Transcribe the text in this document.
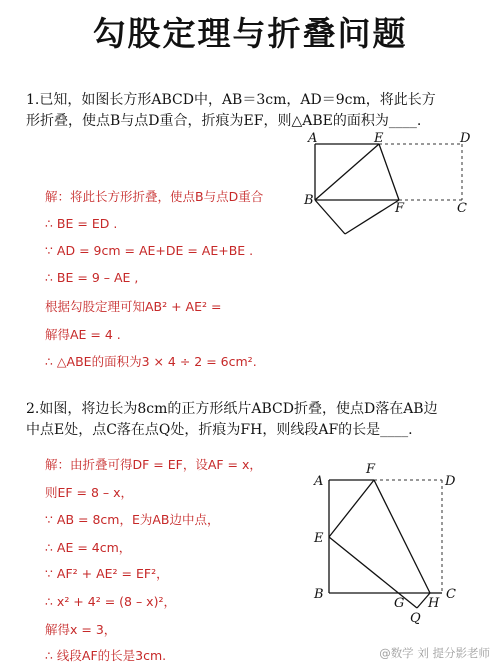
勾股定理与折叠问题
1.已知，如图长方形ABCD中，AB＝3cm，AD＝9cm，将此长方
形折叠，使点B与点D重合，折痕为EF，则△ABE的面积为____.
A	E	D
B
F	C
解：将此长方形折叠，使点B与点D重合
∴ BE = ED .
∵ AD = 9cm = AE+DE = AE+BE .
∴ BE = 9 – AE ,
根据勾股定理可知AB² + AE² =
解得AE = 4 .
∴ △ABE的面积为3 × 4 ÷ 2 = 6cm².
2.如图，将边长为8cm的正方形纸片ABCD折叠，使点D落在AB边
中点E处，点C落在点Q处，折痕为FH，则线段AF的长是____.
F
A	D
E
B
G
Q
H
C
解：由折叠可得DF = EF，设AF = x，
则EF = 8 – x，
∵ AB = 8cm，E为AB边中点，
∴ AE = 4cm，
∵ AF² + AE² = EF²，
∴ x² + 4² = (8 – x)²，
解得x = 3，
∴ 线段AF的长是3cm.	@数学 刘 提分影老师
